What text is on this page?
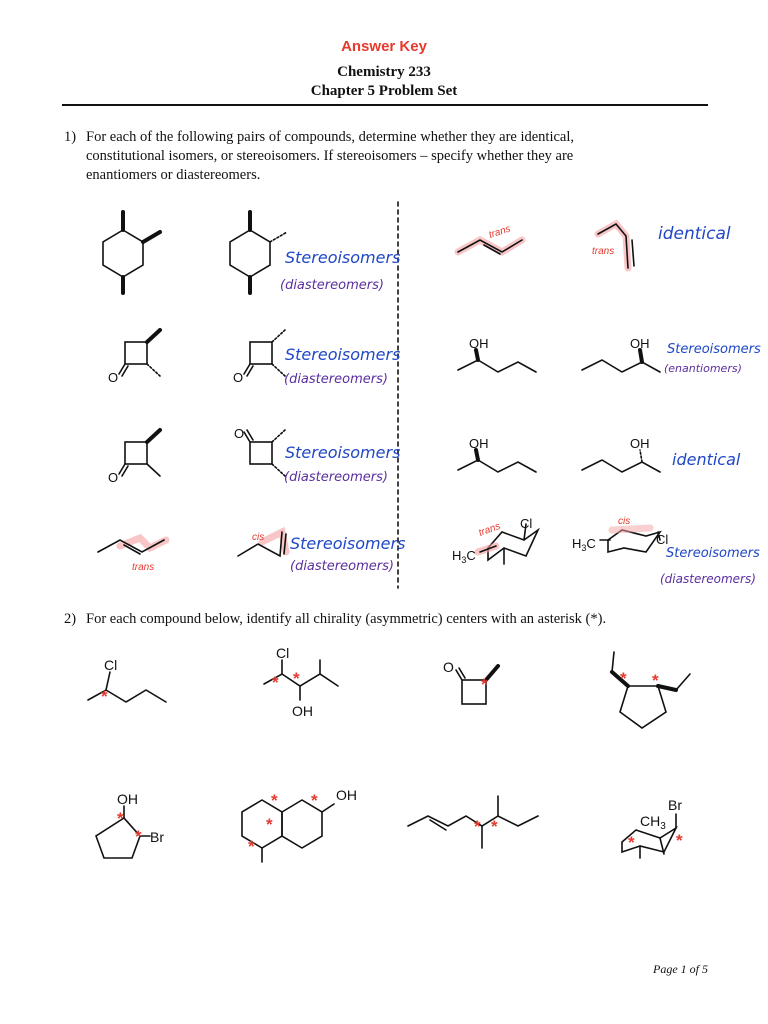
Answer Key
Chemistry 233
Chapter 5 Problem Set
1) For each of the following pairs of compounds, determine whether they are identical,
constitutional isomers, or stereoisomers. If stereoisomers – specify whether they are
enantiomers or diastereomers.
O	O
O
O
OH	OH
OH	OH
Cl
Cl
$H_3C$
$H_3C$
trans
trans
trans
cis	trans	cis
Stereoisomers
(diastereomers)
identical
Stereoisomers
(diastereomers)
Stereoisomers
(enantiomers)
Stereoisomers
(diastereomers)
identical
Stereoisomers
(diastereomers)
Stereoisomers
(diastereomers)
2) For each compound below, identify all chirality (asymmetric) centers with an asterisk (*).
Cl
Cl
OH
O
OH
Br
OH
Br
$CH_3$
*
* *	*	* *
*
*
* *
*
*	* *
* *
Page 1 of 5
